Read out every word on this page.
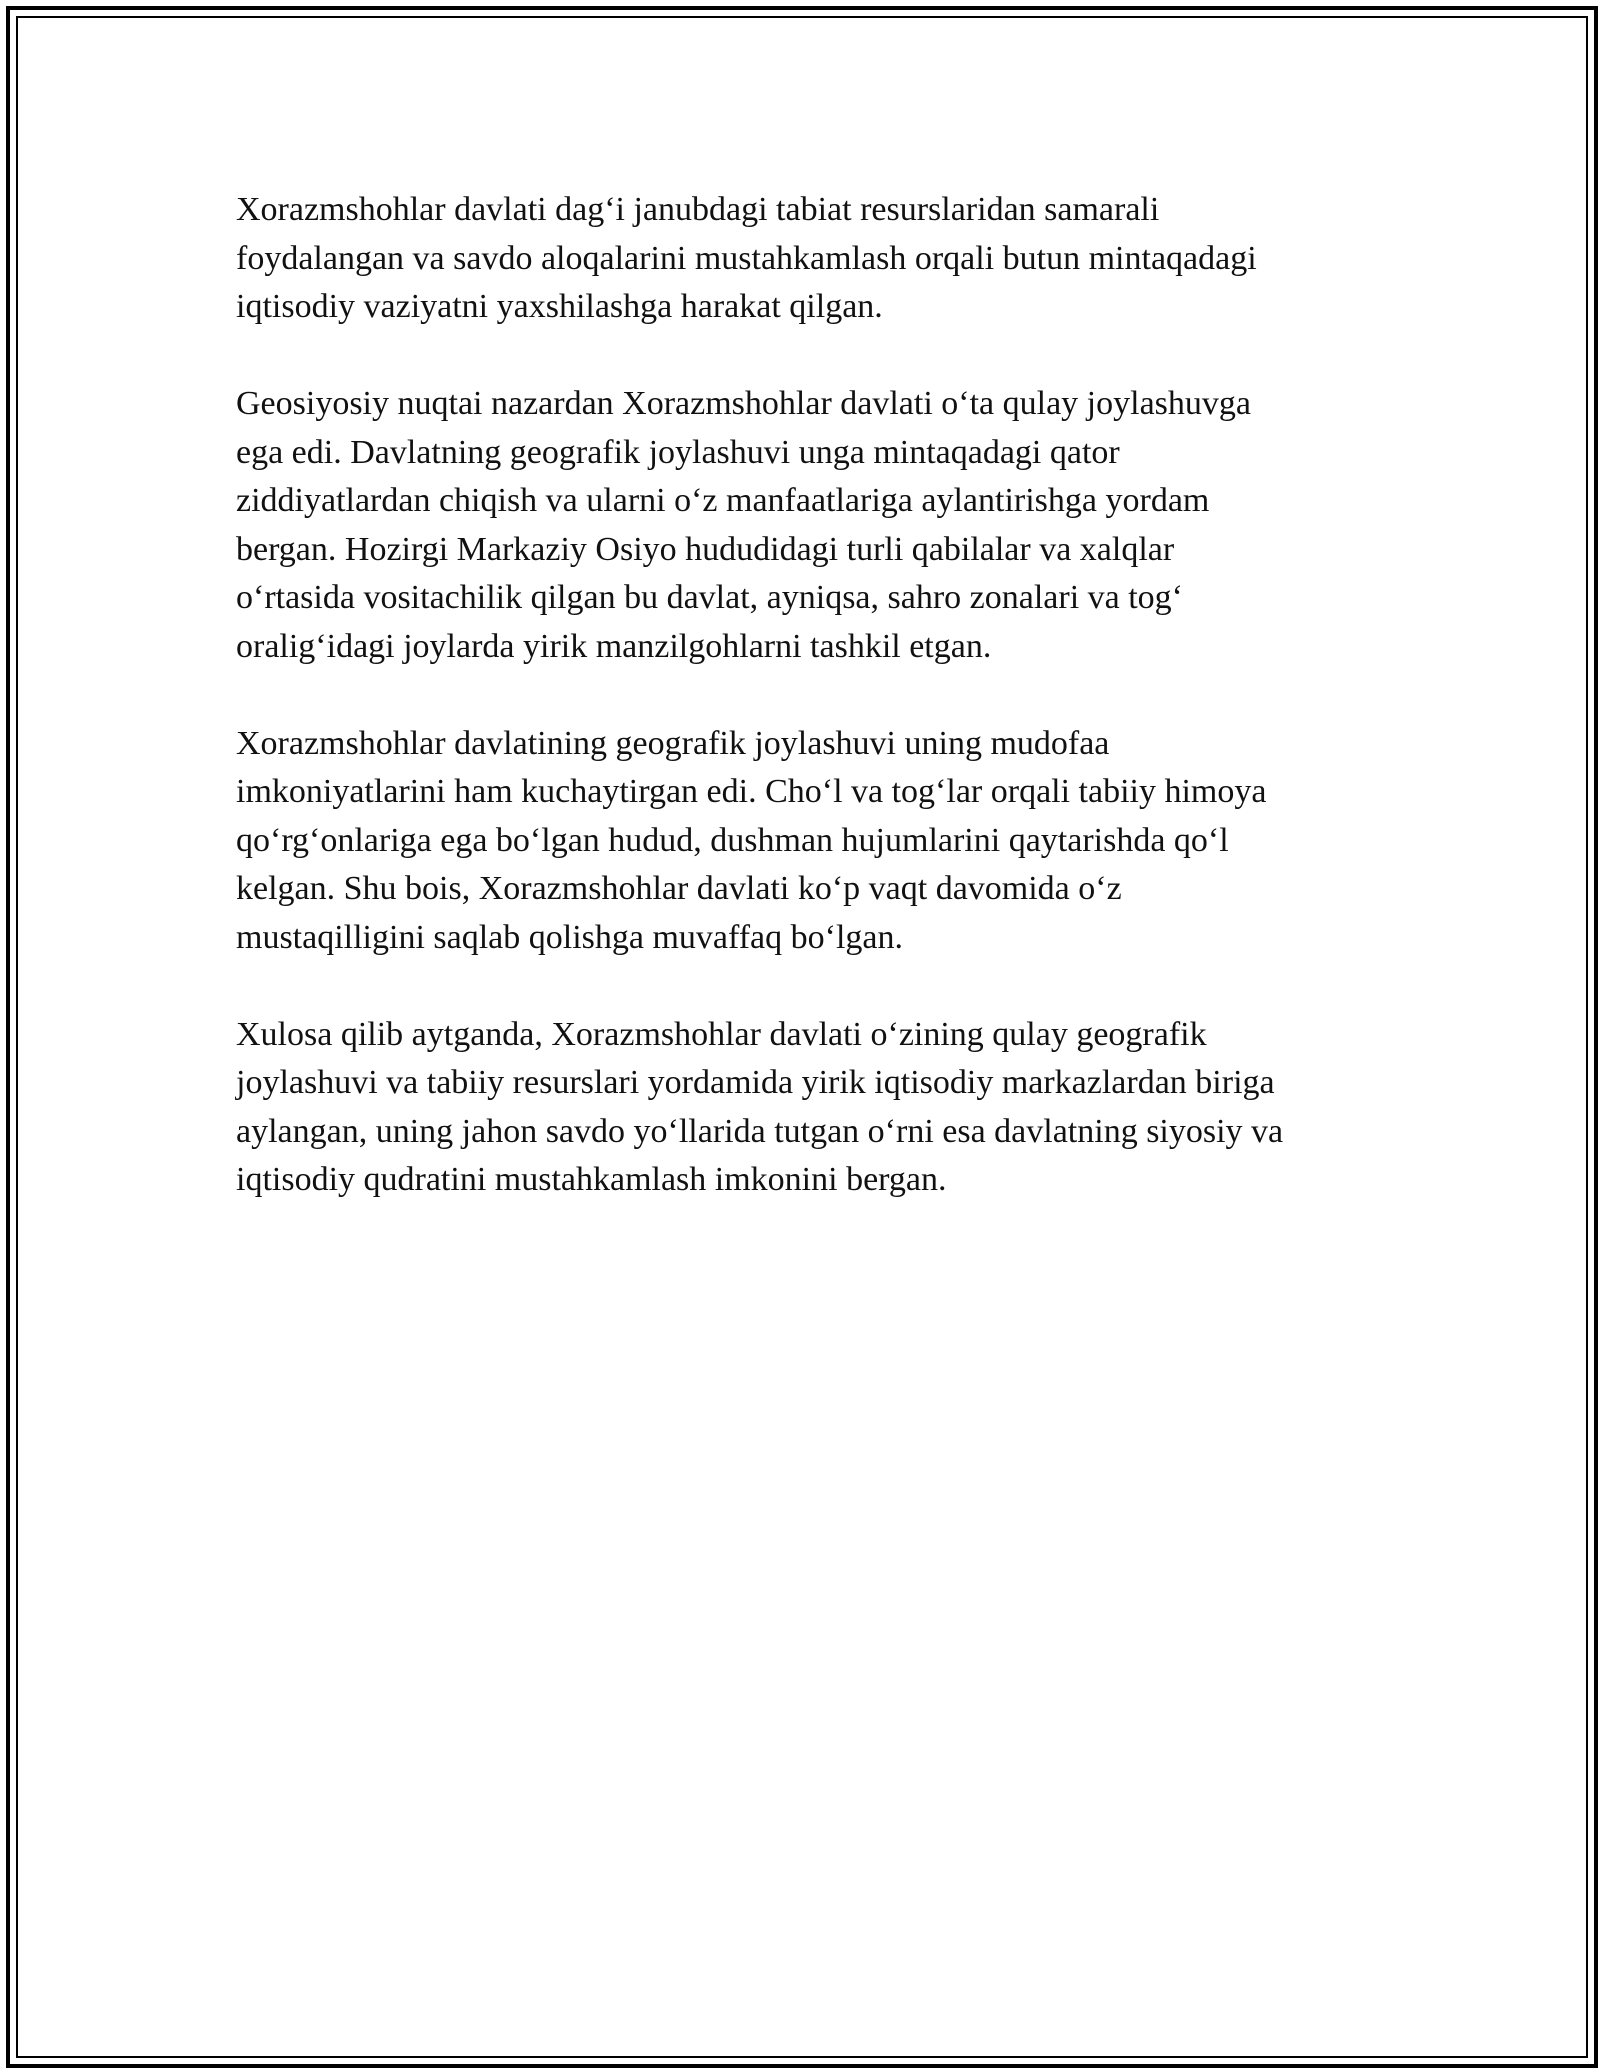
Xorazmshohlar davlati dag‘i janubdagi tabiat resurslaridan samarali
foydalangan va savdo aloqalarini mustahkamlash orqali butun mintaqadagi
iqtisodiy vaziyatni yaxshilashga harakat qilgan.

Geosiyosiy nuqtai nazardan Xorazmshohlar davlati o‘ta qulay joylashuvga
ega edi. Davlatning geografik joylashuvi unga mintaqadagi qator
ziddiyatlardan chiqish va ularni o‘z manfaatlariga aylantirishga yordam
bergan. Hozirgi Markaziy Osiyo hududidagi turli qabilalar va xalqlar
o‘rtasida vositachilik qilgan bu davlat, ayniqsa, sahro zonalari va tog‘
oralig‘idagi joylarda yirik manzilgohlarni tashkil etgan.

Xorazmshohlar davlatining geografik joylashuvi uning mudofaa
imkoniyatlarini ham kuchaytirgan edi. Cho‘l va tog‘lar orqali tabiiy himoya
qo‘rg‘onlariga ega bo‘lgan hudud, dushman hujumlarini qaytarishda qo‘l
kelgan. Shu bois, Xorazmshohlar davlati ko‘p vaqt davomida o‘z
mustaqilligini saqlab qolishga muvaffaq bo‘lgan.

Xulosa qilib aytganda, Xorazmshohlar davlati o‘zining qulay geografik
joylashuvi va tabiiy resurslari yordamida yirik iqtisodiy markazlardan biriga
aylangan, uning jahon savdo yo‘llarida tutgan o‘rni esa davlatning siyosiy va
iqtisodiy qudratini mustahkamlash imkonini bergan.
